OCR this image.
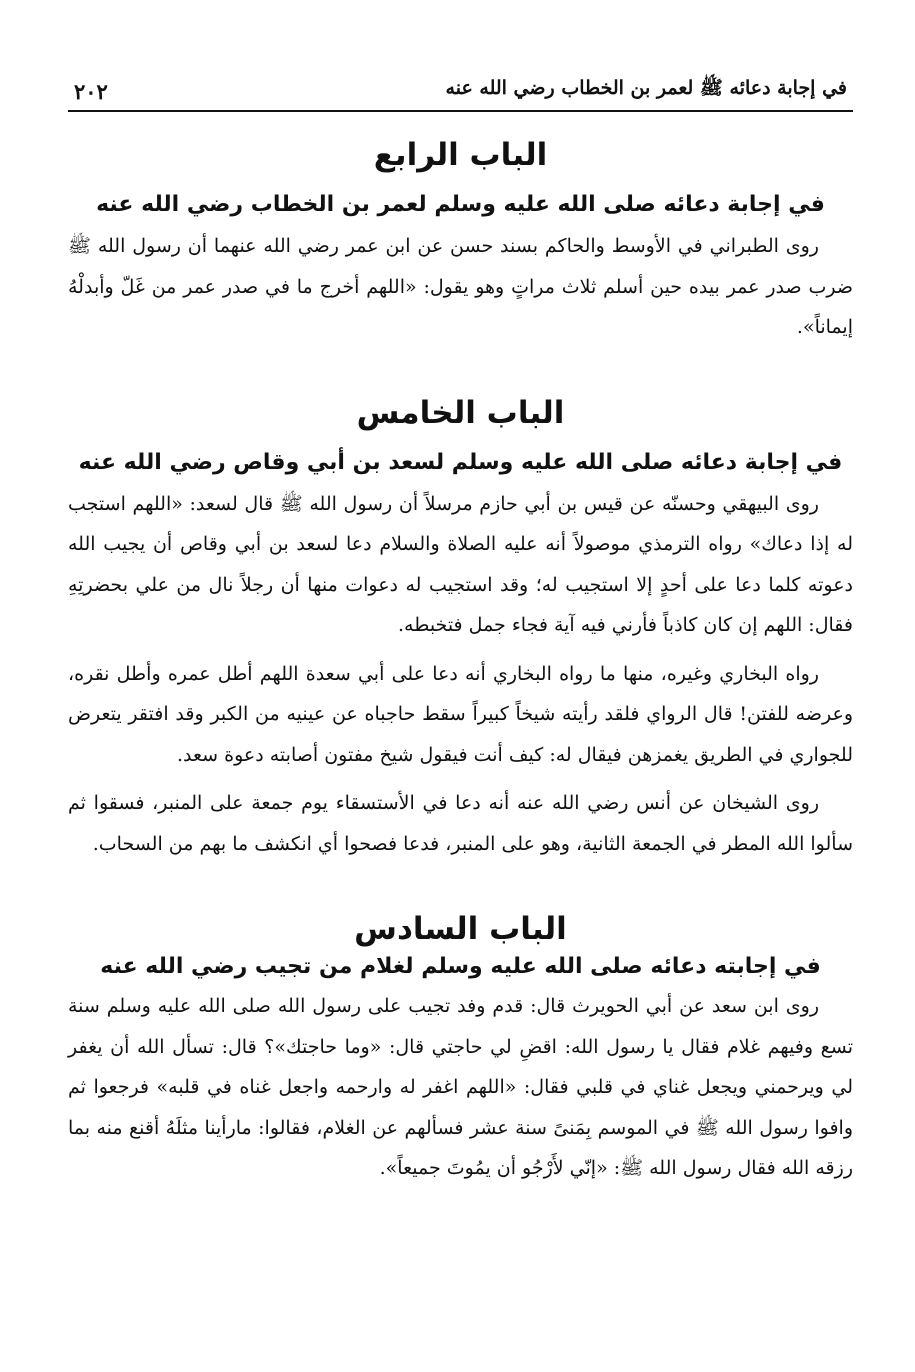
في إجابة دعائه ﷺ لعمر بن الخطاب رضي الله عنه
٢٠٢
الباب الرابع
في إجابة دعائه صلى الله عليه وسلم لعمر بن الخطاب رضي الله عنه

روى الطبراني في الأوسط والحاكم بسند حسن عن ابن عمر رضي الله عنهما أن رسول الله ﷺ ضرب صدر عمر بيده حين أسلم ثلاث مراتٍ وهو يقول: «اللهم أخرج ما في صدر عمر من غَلّ وأبدلْهُ إيماناً».

الباب الخامس
في إجابة دعائه صلى الله عليه وسلم لسعد بن أبي وقاص رضي الله عنه

روى البيهقي وحسنّه عن قيس بن أبي حازم مرسلاً أن رسول الله ﷺ قال لسعد: «اللهم استجب له إذا دعاك» رواه الترمذي موصولاً أنه عليه الصلاة والسلام دعا لسعد بن أبي وقاص أن يجيب الله دعوته كلما دعا على أحدٍ إلا استجيب له؛ وقد استجيب له دعوات منها أن رجلاً نال من علي بحضرتِهِ فقال: اللهم إن كان كاذباً فأرني فيه آية فجاء جمل فتخبطه.

رواه البخاري وغيره، منها ما رواه البخاري أنه دعا على أبي سعدة اللهم أطل عمره وأطل نقره، وعرضه للفتن! قال الرواي فلقد رأيته شيخاً كبيراً سقط حاجباه عن عينيه من الكبر وقد افتقر يتعرض للجواري في الطريق يغمزهن فيقال له: كيف أنت فيقول شيخ مفتون أصابته دعوة سعد.

روى الشيخان عن أنس رضي الله عنه أنه دعا في الأستسقاء يوم جمعة على المنبر، فسقوا ثم سألوا الله المطر في الجمعة الثانية، وهو على المنبر، فدعا فصحوا أي انكشف ما بهم من السحاب.

الباب السادس
في إجابته دعائه صلى الله عليه وسلم لغلام من تجيب رضي الله عنه

روى ابن سعد عن أبي الحويرث قال: قدم وفد تجيب على رسول الله صلى الله عليه وسلم سنة تسع وفيهم غلام فقال يا رسول الله: اقضِ لي حاجتي قال: «وما حاجتك»؟ قال: تسأل الله أن يغفر لي ويرحمني ويجعل غناي في قلبي فقال: «اللهم اغفر له وارحمه واجعل غناه في قلبه» فرجعوا ثم وافوا رسول الله ﷺ في الموسم بِمَنىً سنة عشر فسألهم عن الغلام، فقالوا: مارأينا مثلَهُ أقنع منه بما رزقه الله فقال رسول الله ﷺ: «إنّي لأَرْجُو أن يمُوتَ جميعاً».
